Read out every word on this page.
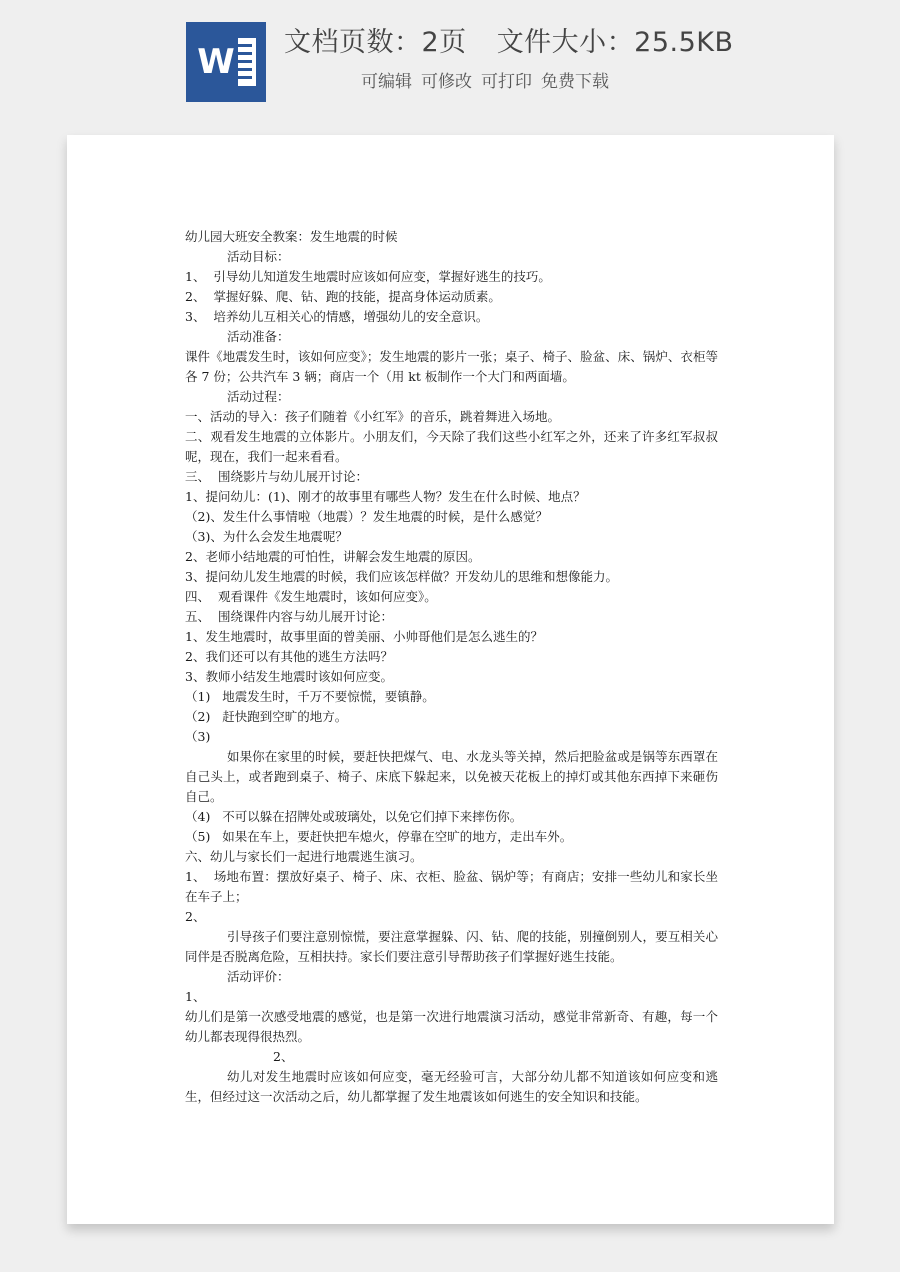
W 文档页数：2页 文件大小：25.5KB
可编辑 可修改 可打印 免费下载

幼儿园大班安全教案：发生地震的时候

活动目标：

1、  引导幼儿知道发生地震时应该如何应变，掌握好逃生的技巧。

2、  掌握好躲、爬、钻、跑的技能，提高身体运动质素。

3、  培养幼儿互相关心的情感，增强幼儿的安全意识。

活动准备：

课件《地震发生时，该如何应变》；发生地震的影片一张；桌子、椅子、脸盆、床、锅炉、衣柜等各 7 份；公共汽车 3 辆；商店一个（用 kt 板制作一个大门和两面墙。

活动过程：

一、活动的导入：孩子们随着《小红军》的音乐，跳着舞进入场地。

二、观看发生地震的立体影片。小朋友们，今天除了我们这些小红军之外，还来了许多红军叔叔呢，现在，我们一起来看看。

三、  围绕影片与幼儿展开讨论：

1、提问幼儿：(1)、刚才的故事里有哪些人物？发生在什么时候、地点？

（2)、发生什么事情啦（地震）？发生地震的时候，是什么感觉？

（3)、为什么会发生地震呢？

2、老师小结地震的可怕性，讲解会发生地震的原因。

3、提问幼儿发生地震的时候，我们应该怎样做？开发幼儿的思维和想像能力。

四、  观看课件《发生地震时，该如何应变》。

五、  围绕课件内容与幼儿展开讨论：

1、发生地震时，故事里面的曾美丽、小帅哥他们是怎么逃生的？

2、我们还可以有其他的逃生方法吗？

3、教师小结发生地震时该如何应变。

（1)   地震发生时，千万不要惊慌，要镇静。

（2)   赶快跑到空旷的地方。

（3)

如果你在家里的时候，要赶快把煤气、电、水龙头等关掉，然后把脸盆或是锅等东西罩在自己头上，或者跑到桌子、椅子、床底下躲起来，以免被天花板上的掉灯或其他东西掉下来砸伤自己。

（4)   不可以躲在招牌处或玻璃处，以免它们掉下来摔伤你。

（5)   如果在车上，要赶快把车熄火，停靠在空旷的地方，走出车外。

六、幼儿与家长们一起进行地震逃生演习。

1、  场地布置：摆放好桌子、椅子、床、衣柜、脸盆、锅炉等；有商店；安排一些幼儿和家长坐在车子上；

2、

引导孩子们要注意别惊慌，要注意掌握躲、闪、钻、爬的技能，别撞倒别人，要互相关心同伴是否脱离危险，互相扶持。家长们要注意引导帮助孩子们掌握好逃生技能。

活动评价：

1、

幼儿们是第一次感受地震的感觉，也是第一次进行地震演习活动，感觉非常新奇、有趣，每一个幼儿都表现得很热烈。

2、

幼儿对发生地震时应该如何应变，毫无经验可言，大部分幼儿都不知道该如何应变和逃生，但经过这一次活动之后，幼儿都掌握了发生地震该如何逃生的安全知识和技能。
